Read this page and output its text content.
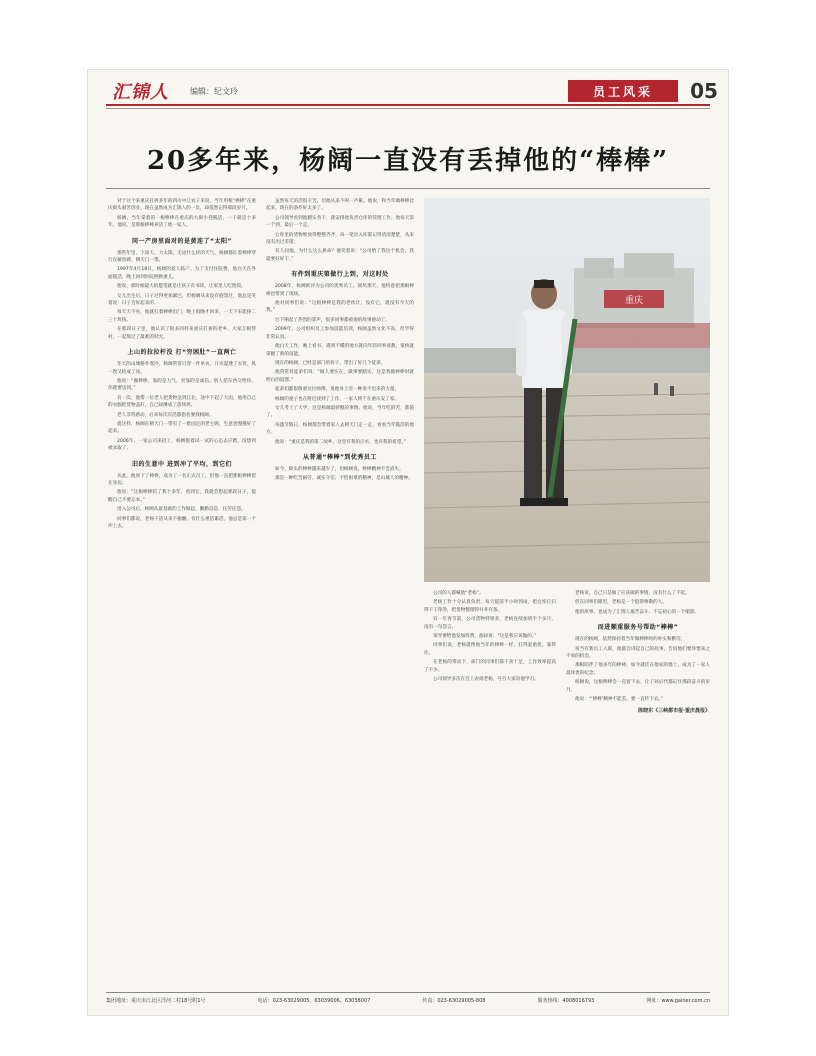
汇锦人	编辑：纪文玲	员工风采	05
20多年来，杨阔一直没有丢掉他的“棒棒”

对于这个来重庆打拼多年的四川中江农子来说，当年用根“棒棒”在重庆街头艰苦创业，现在虽然成为汇锦人的一员，却依然记得那段岁月。

杨阔，当年拿着的一根棒棒在重庆的大街小巷揽活，一干就是十多年。他说，是那根棒棒养活了他一家人。

同一产房里面对的是黄连了“太阳”

那些年里，下雨天、大太阳，无论什么样的天气，杨阔都扛着棒棒穿行在解放碑、朝天门一带。

1997年4月18日，杨阔的爱人临产。为了支付住院费，他白天在外面揽活，晚上回到医院照顾妻儿。

他说，那时候最大的愿望就是让孩子有书读，让家里人吃饱饭。

女儿出生后，日子过得更加紧巴，但杨阔从来没有抱怨过，他总是笑着说：日子会好起来的。

每天天不亮，他就扛着棒棒出门，晚上很晚才回来，一天下来能挣二三十块钱。

在那段日子里，他认识了很多同样来重庆打拼的老乡，大家互相帮衬，一起熬过了最难的时光。

上山的拉拉杆没 打“穷困肚”一直两亡

冬天的山城格外寒冷，杨阔常常只穿一件单衣，汗水湿透了衣背，风一吹又结成了冰。

他说：“做棒棒，靠的是力气，更靠的是诚信。别人把东西交给你，你就要送到。”

有一次，他帮一位老人把货物送到江北，途中下起了大雨，他用自己的衣服把货物盖好，自己却淋成了落汤鸡。

老人非常感动，后来每次有活都指名要找杨阔。

就这样，杨阔在朝天门一带有了一批固定的老主顾，生意也慢慢好了起来。

2006年，一家公司来招工，杨阔抱着试一试的心态去应聘，没想到被录取了。

旧的生意中 进到冲了平均，到它们

从此，他放下了棒棒，成为了一名正式员工，但他一直把那根棒棒留在身边。

他说：“这根棒棒陪了我十多年，看到它，我就会想起那段日子，提醒自己不要忘本。”

进入公司后，杨阔从最基础的工作做起，勤勤恳恳，任劳任怨。

同事们都说，老杨干活从来不偷懒，有什么重活累活，他总是第一个冲上去。

虽然每天的活很辛苦，但他从来不叫一声累。他说，和当年做棒棒比起来，现在的条件好太多了。

公司领导看到他踏实肯干，就安排他负责仓库的管理工作。他每天第一个到，最后一个走。

仓库里的货物堆放得整整齐齐，每一笔出入库都记得清清楚楚，从来没有出过差错。

有人问他，为什么这么拼命？他笑着说：“公司给了我这个机会，我就要好好干。”

有件到重庆第做行上到，对这时处

2008年，杨阔被评为公司的优秀员工。领奖那天，他特意把那根棒棒也带到了现场。

他对同事们说：“这根棒棒是我的老伙计，没有它，就没有今天的我。”

台下响起了热烈的掌声，很多同事都被他的故事感动了。

2009年，公司组织员工参加技能培训，杨阔虽然文化不高，但学得非常认真。

他白天工作，晚上看书，遇到不懂的地方就向年轻同事请教，很快就掌握了新的技能。

现在的杨阔，已经是部门的骨干，带出了好几个徒弟。

他常常对徒弟们说：“做人要实在，做事要踏实，这是我做棒棒时就明白的道理。”

徒弟们都很敬重这位师傅，说他身上有一种说不出来的力量。

杨阔的妻子也在附近找到了工作，一家人终于在重庆安了家。

女儿考上了大学，这是杨阔最骄傲的事情。他说，当年吃的苦，都值了。

每逢节假日，杨阔都会带着家人去朝天门走一走，看看当年揽活的地方。

他说：“重庆是我的第二故乡，这里有我的汗水，也有我的希望。”

从普通“棒棒”到优秀员工

如今，街头的棒棒越来越少了，但杨阔说，棒棒精神不会消失。

那是一种吃苦耐劳、诚实守信、不怕困难的精神，是山城人的精神。

重庆

公司的人都喊他“老杨”。

老杨工作十分认真负责，每天提前半小时到岗，把仓库打扫得干干净净，把货物整理得井井有条。

有一年春节前，公司货物特别多，老杨连续加班半个多月，没有一句怨言。

领导要给他发加班费，他却说：“这是我应该做的。”

同事们说，老杨就像他当年的棒棒一样，扛得起重担，靠得住。

在老杨的带动下，部门的同事们都干劲十足，工作效率提高了不少。

公司领导多次在会上表扬老杨，号召大家向他学习。

老杨说，自己只是做了应该做的事情，没有什么了不起。

但在同事们眼里，老杨是一个值得尊敬的人。

他的故事，也成为了汇锦人艰苦奋斗、不忘初心的一个缩影。

而进顺重服务号帮助“棒棒”

现在的杨阔，依然保持着当年做棒棒时的朴实和勤劳。

每当有新员工入职，他都会讲起自己的故事，告诉他们要珍惜来之不易的机会。

那根陪伴了他多年的棒棒，如今就挂在他家的墙上，成为了一家人最珍贵的纪念。

杨阔说，这根棒棒会一直留下去，让子孙后代都记住那段奋斗的岁月。

他说：“‘棒棒’精神不能丢，要一直传下去。”

陈晓东《三峡都市报·重庆晨报》
集团地址：重庆市江北区洋河二村18号附1号	电话：023-63029005、63039006、63038007	传真：023-63029005-808	服务热线：4008016793	网址：www.gainer.com.cn
